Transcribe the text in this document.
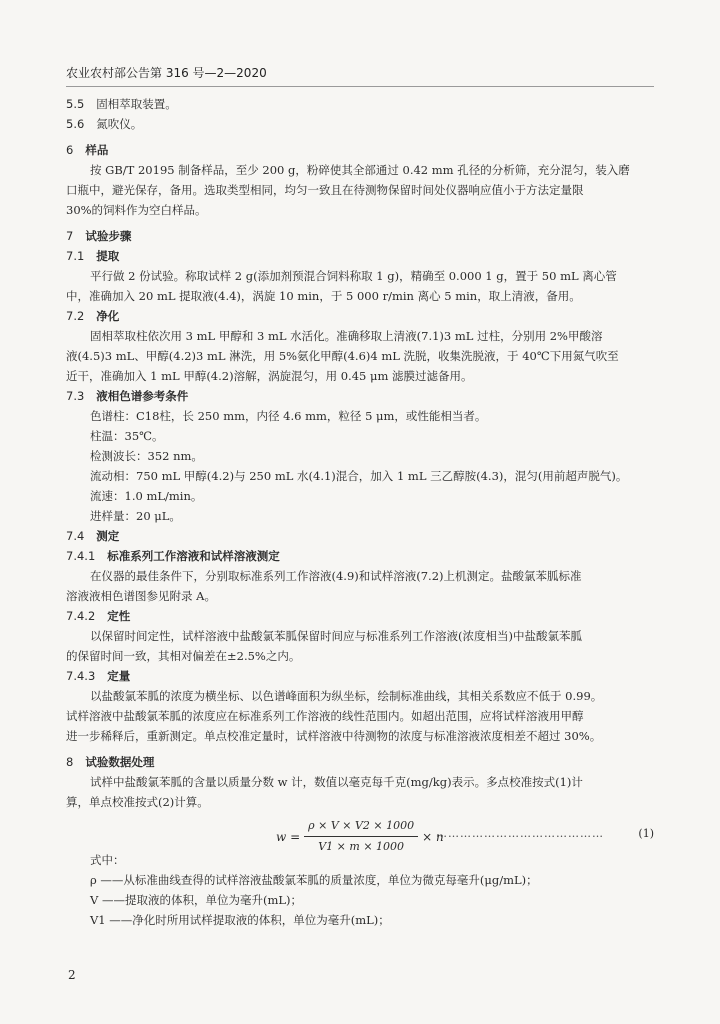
农业农村部公告第 316 号—2—2020
5.5 固相萃取装置。
5.6 氮吹仪。
6 样品
按 GB/T 20195 制备样品，至少 200 g，粉碎使其全部通过 0.42 mm 孔径的分析筛，充分混匀，装入磨
口瓶中，避光保存，备用。选取类型相同，均匀一致且在待测物保留时间处仪器响应值小于方法定量限
30%的饲料作为空白样品。
7 试验步骤
7.1 提取
平行做 2 份试验。称取试样 2 g(添加剂预混合饲料称取 1 g)，精确至 0.000 1 g，置于 50 mL 离心管
中，准确加入 20 mL 提取液(4.4)，涡旋 10 min，于 5 000 r/min 离心 5 min，取上清液，备用。
7.2 净化
固相萃取柱依次用 3 mL 甲醇和 3 mL 水活化。准确移取上清液(7.1)3 mL 过柱，分别用 2%甲酸溶
液(4.5)3 mL、甲醇(4.2)3 mL 淋洗，用 5%氨化甲醇(4.6)4 mL 洗脱，收集洗脱液，于 40℃下用氮气吹至
近干，准确加入 1 mL 甲醇(4.2)溶解，涡旋混匀，用 0.45 μm 滤膜过滤备用。
7.3 液相色谱参考条件
色谱柱：C18柱，长 250 mm，内径 4.6 mm，粒径 5 μm，或性能相当者。
柱温：35℃。
检测波长：352 nm。
流动相：750 mL 甲醇(4.2)与 250 mL 水(4.1)混合，加入 1 mL 三乙醇胺(4.3)，混匀(用前超声脱气)。
流速：1.0 mL/min。
进样量：20 μL。
7.4 测定
7.4.1 标准系列工作溶液和试样溶液测定
在仪器的最佳条件下，分别取标准系列工作溶液(4.9)和试样溶液(7.2)上机测定。盐酸氯苯胍标准
溶液液相色谱图参见附录 A。
7.4.2 定性
以保留时间定性，试样溶液中盐酸氯苯胍保留时间应与标准系列工作溶液(浓度相当)中盐酸氯苯胍
的保留时间一致，其相对偏差在±2.5%之内。
7.4.3 定量
以盐酸氯苯胍的浓度为横坐标、以色谱峰面积为纵坐标，绘制标准曲线，其相关系数应不低于 0.99。
试样溶液中盐酸氯苯胍的浓度应在标准系列工作溶液的线性范围内。如超出范围，应将试样溶液用甲醇
进一步稀释后，重新测定。单点校准定量时，试样溶液中待测物的浓度与标准溶液浓度相差不超过 30%。
8 试验数据处理
试样中盐酸氯苯胍的含量以质量分数 w 计，数值以毫克每千克(mg/kg)表示。多点校准按式(1)计
算，单点校准按式(2)计算。
$w = \frac{\rho \times V \times V2 \times 1000}{V1 \times m \times 1000} \times n$
……………………………………	(1)
式中：
ρ ——从标准曲线查得的试样溶液盐酸氯苯胍的质量浓度，单位为微克每毫升(μg/mL)；
V ——提取液的体积，单位为毫升(mL)；
V1 ——净化时所用试样提取液的体积，单位为毫升(mL)；
2
